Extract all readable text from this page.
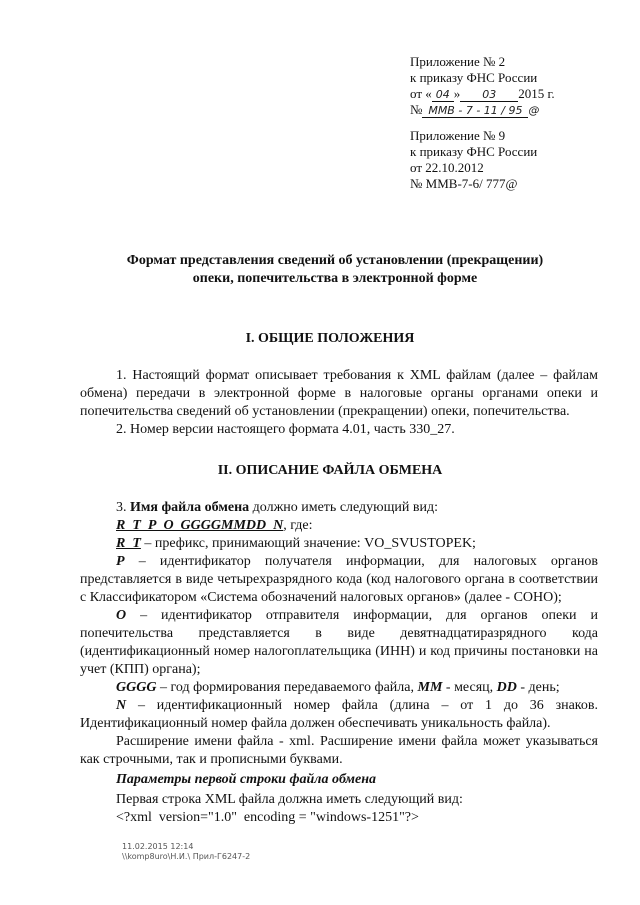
Приложение № 2
к приказу ФНС России
от « 04 » 03 2015 г.
№ ММВ - 7 - 11 / 95 @
Приложение № 9
к приказу ФНС России
от 22.10.2012
№ ММВ-7-6/ 777@
Формат представления сведений об установлении (прекращении)
опеки, попечительства в электронной форме
I. ОБЩИЕ ПОЛОЖЕНИЯ

1. Настоящий формат описывает требования к XML файлам (далее – файлам обмена) передачи в электронной форме в налоговые органы органами опеки и попечительства сведений об установлении (прекращении) опеки, попечительства.

2. Номер версии настоящего формата 4.01, часть 330_27.

II. ОПИСАНИЕ ФАЙЛА ОБМЕНА

3. Имя файла обмена должно иметь следующий вид:

R_T_P_O_GGGGMMDD_N, где:

R_T – префикс, принимающий значение: VO_SVUSTOPEK;

P – идентификатор получателя информации, для налоговых органов представляется в виде четырехразрядного кода (код налогового органа в соответствии с Классификатором «Система обозначений налоговых органов» (далее - СОНО);

O – идентификатор отправителя информации, для органов опеки и попечительства представляется в виде девятнадцатиразрядного кода (идентификационный номер налогоплательщика (ИНН) и код причины постановки на учет (КПП) органа);

GGGG – год формирования передаваемого файла, MM - месяц, DD - день;

N – идентификационный номер файла (длина – от 1 до 36 знаков. Идентификационный номер файла должен обеспечивать уникальность файла).

Расширение имени файла - xml. Расширение имени файла может указываться как строчными, так и прописными буквами.

Параметры первой строки файла обмена

Первая строка XML файла должна иметь следующий вид:

<?xml  version="1.0"  encoding = "windows-1251"?>

11.02.2015 12:14
\\komp8uro\Н.И.\ Прил-Г6247-2
